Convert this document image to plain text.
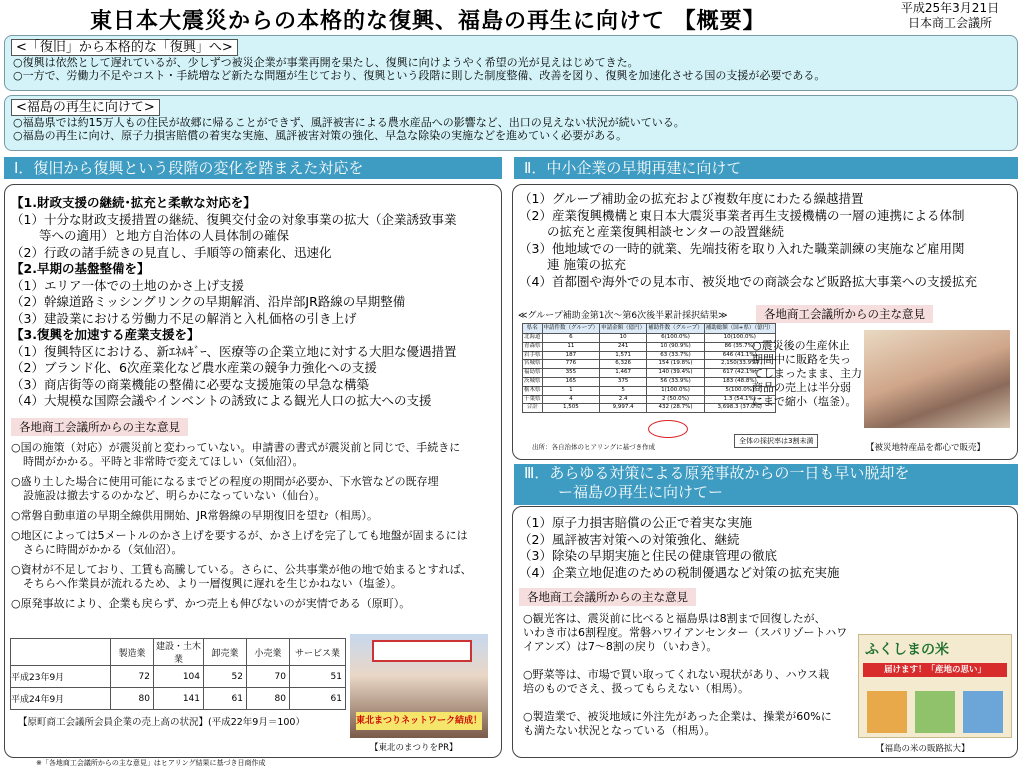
東日本大震災からの本格的な復興、福島の再生に向けて 【概要】
平成25年3月21日
日本商工会議所
<「復旧」から本格的な「復興」へ>

○復興は依然として遅れているが、少しずつ被災企業が事業再開を果たし、復興に向けようやく希望の光が見えはじめてきた。

○一方で、労働力不足やコスト・手続増など新たな問題が生じており、復興という段階に則した制度整備、改善を図り、復興を加速化させる国の支援が必要である。

<福島の再生に向けて>

○福島県では約15万人もの住民が故郷に帰ることができず、風評被害による農水産品への影響など、出口の見えない状況が続いている。

○福島の再生に向け、原子力損害賠償の着実な実施、風評被害対策の強化、早急な除染の実施などを進めていく必要がある。

Ⅰ．復旧から復興という段階の変化を踏まえた対応を
【1.財政支援の継続･拡充と柔軟な対応を】
（1）十分な財政支援措置の継続、復興交付金の対象事業の拡大（企業誘致事業
等への適用）と地方自治体の人員体制の確保
（2）行政の諸手続きの見直し、手順等の簡素化、迅速化
【2.早期の基盤整備を】
（1）エリア一体での土地のかさ上げ支援
（2）幹線道路ミッシングリンクの早期解消、沿岸部JR路線の早期整備
（3）建設業における労働力不足の解消と入札価格の引き上げ
【3.復興を加速する産業支援を】
（1）復興特区における、新ｴﾈﾙｷﾞｰ、医療等の企業立地に対する大胆な優遇措置
（2）ブランド化、6次産業化など農水産業の競争力強化への支援
（3）商店街等の商業機能の整備に必要な支援施策の早急な構築
（4）大規模な国際会議やインベントの誘致による観光人口の拡大への支援
各地商工会議所からの主な意見
○国の施策（対応）が震災前と変わっていない。申請書の書式が震災前と同じで、手続きに
時間がかかる。平時と非常時で変えてほしい（気仙沼）。
○盛り土した場合に使用可能になるまでどの程度の期間が必要か、下水管などの既存埋
設施設は撤去するのかなど、明らかになっていない（仙台）。
○常磐自動車道の早期全線供用開始、JR常磐線の早期復旧を望む（相馬）。
○地区によっては5メートルのかさ上げを要するが、かさ上げを完了しても地盤が固まるには
さらに時間がかかる（気仙沼）。
○資材が不足しており、工賃も高騰している。さらに、公共事業が他の地で始まるとすれば、
そちらへ作業員が流れるため、より一層復興に遅れを生じかねない（塩釜）。
○原発事故により、企業も戻らず、かつ売上も伸びないのが実情である（原町）。
	製造業	建設・土木業	卸売業	小売業	サービス業
平成23年9月	72	104	52	70	51
平成24年9月	80	141	61	80	61
【原町商工会議所会員企業の売上高の状況】(平成22年9月＝100）	東北まつりネットワーク結成！
【東北のまつりをPR】
Ⅱ．中小企業の早期再建に向けて
（1）グループ補助金の拡充および複数年度にわたる繰越措置
（2）産業復興機構と東日本大震災事業者再生支援機構の一層の連携による体制
の拡充と産業復興相談センターの設置継続
（3）他地域での一時的就業、先端技術を取り入れた職業訓練の実施など雇用関
連 施策の拡充
（4）首都圏や海外での見本市、被災地での商談会など販路拡大事業への支援拡充
≪グループ補助金第1次～第6次後半累計採択結果≫	各地商工会議所からの主な意見
県名	申請件数（グループ）	申請金額（億円）	補助件数（グループ）	補助総額（国+県）（億円）
北海道	6	10	6(100.0%)	10(100.0%)
青森県	11	241	10 (90.9%)	86 (35.7%)
岩手県	187	1,571	63 (33.7%)	646 (41.1%)
宮城県	776	6,326	154 (19.8%)	2,150(33.9%)
福島県	355	1,467	140 (39.4%)	617 (42.1%)
茨城県	165	375	56 (33.9%)	183 (48.8%)
栃木県	1	5	1(100.0%)	5(100.0%)
千葉県	4	2.4	2 (50.0%)	1.3 (54.1%)
合計	1,505	9,997.4	432 (28.7%)	3,698.3 (37.0%)
出所：各自治体のヒアリングに基づき作成
全体の採択率は3割未満
○震災後の生産休止
期間中に販路を失っ
てしまったまま、主力
商品の売上は半分弱
にまで縮小（塩釜）。
【被災地特産品を都心で販売】
Ⅲ．あらゆる対策による原発事故からの一日も早い脱却を
ー福島の再生に向けてー
（1）原子力損害賠償の公正で着実な実施
（2）風評被害対策への対策強化、継続
（3）除染の早期実施と住民の健康管理の徹底
（4）企業立地促進のための税制優遇など対策の拡充実施
各地商工会議所からの主な意見
○観光客は、震災前に比べると福島県は8割まで回復したが、
いわき市は6割程度。常磐ハワイアンセンター（スパリゾートハワ
イアンズ）は7～8割の戻り（いわき）。
○野菜等は、市場で買い取ってくれない現状があり、ハウス栽
培のものでさえ、扱ってもらえない（相馬）。
○製造業で、被災地域に外注先があった企業は、操業が60%に
も満たない状況となっている（相馬）。
ふくしまの米
届けます！「産地の思い」
【福島の米の販路拡大】
※「各地商工会議所からの主な意見」はヒアリング結果に基づき日商作成
